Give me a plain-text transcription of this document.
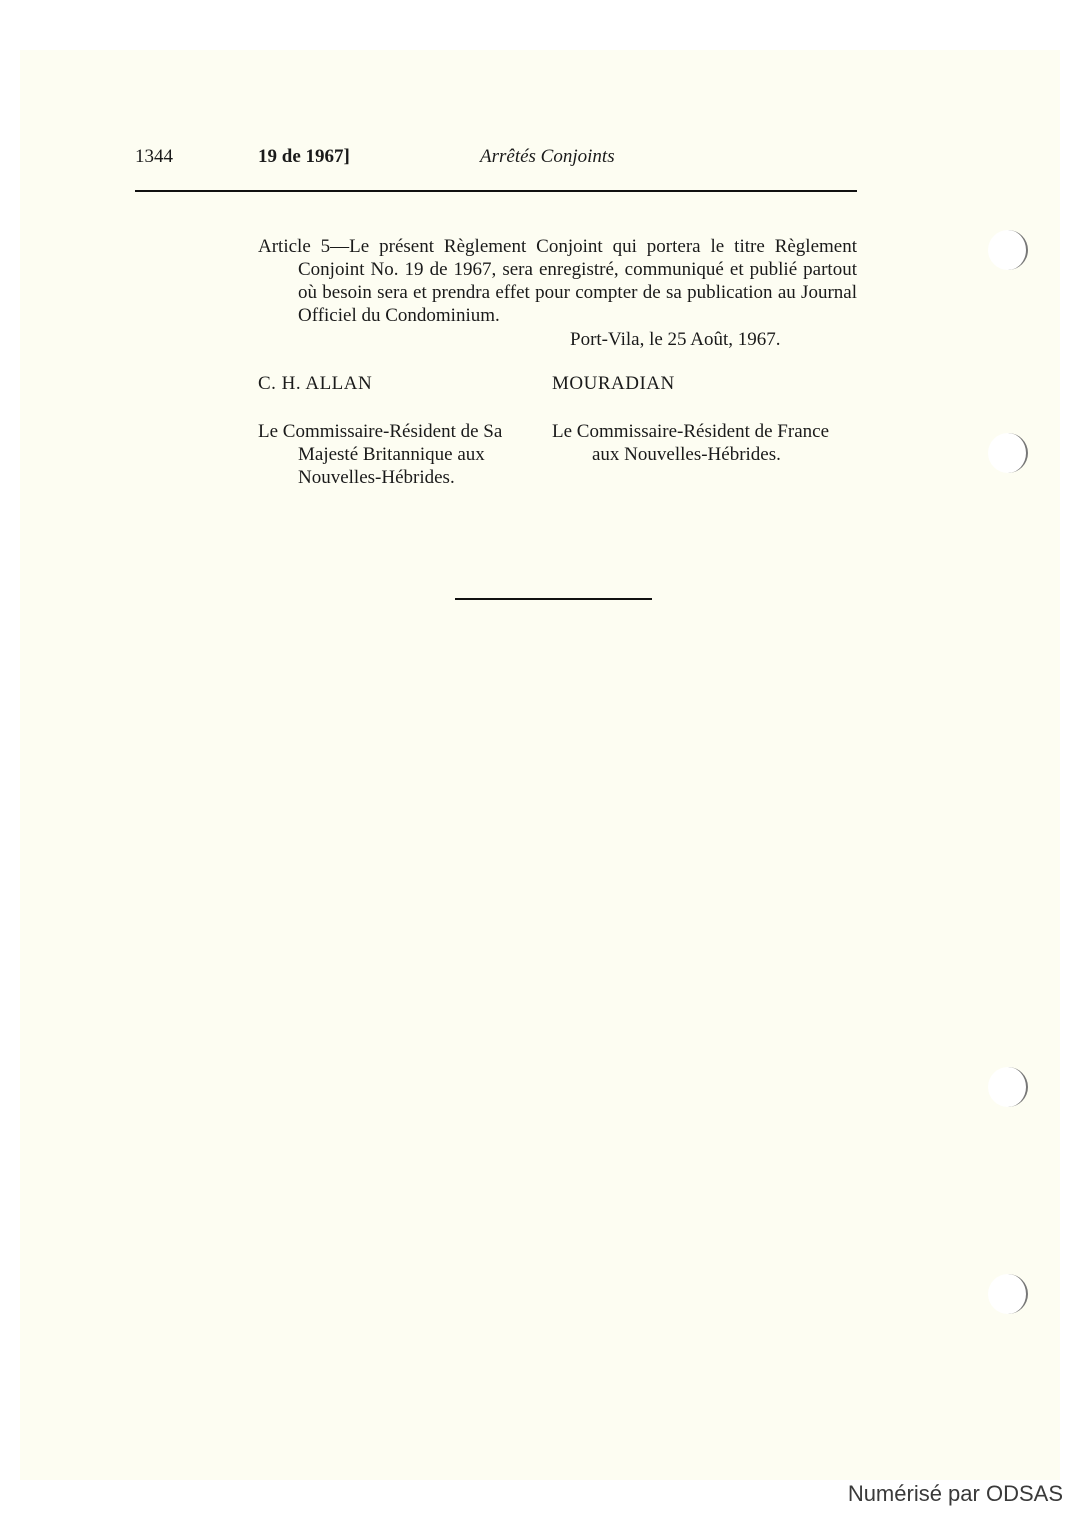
1344	19 de 1967]	Arrêtés Conjoints

Article 5—Le présent Règlement Conjoint qui portera le titre Règlement Conjoint No. 19 de 1967, sera enregistré, communiqué et publié partout où besoin sera et prendra effet pour compter de sa publication au Journal Officiel du Condominium.

Port-Vila, le 25 Août, 1967.
C. H. ALLAN
Le Commissaire-Résident de Sa Majesté Britannique aux Nouvelles-Hébrides.
MOURADIAN
Le Commissaire-Résident de France aux Nouvelles-Hébrides.
Numérisé par ODSAS
